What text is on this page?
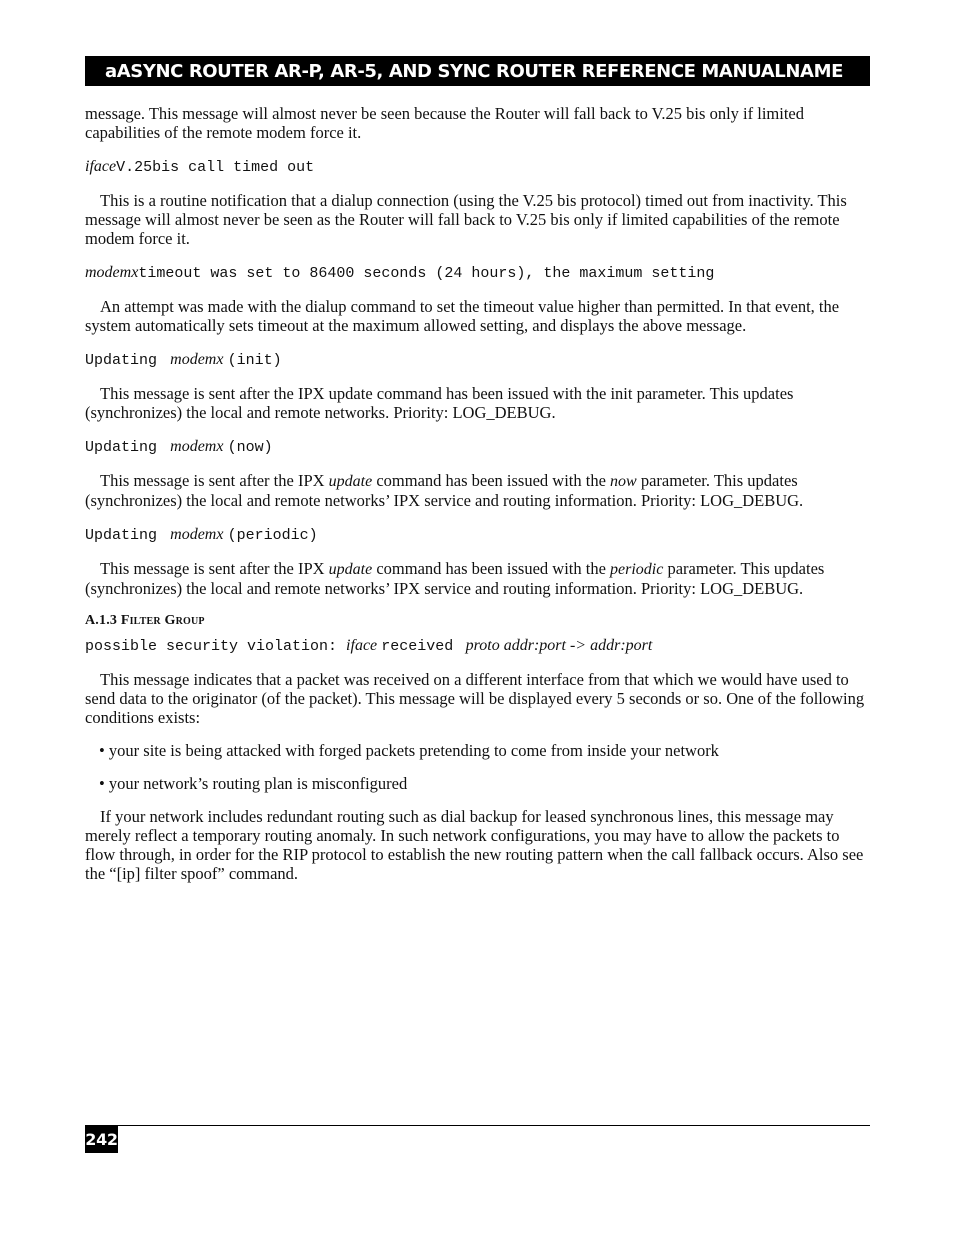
aASYNC ROUTER AR-P, AR-5, AND SYNC ROUTER REFERENCE MANUALNAME

message. This message will almost never be seen because the Router will fall back to V.25 bis only if limited capabilities of the remote modem force it.

ifaceV.25bis call timed out

This is a routine notification that a dialup connection (using the V.25 bis protocol) timed out from inactivity. This message will almost never be seen as the Router will fall back to V.25 bis only if limited capabilities of the remote modem force it.

modemxtimeout was set to 86400 seconds (24 hours), the maximum setting

An attempt was made with the dialup command to set the timeout value higher than permitted. In that event, the system automatically sets timeout at the maximum allowed setting, and displays the above message.

Updating  modemx (init)

This message is sent after the IPX update command has been issued with the init parameter. This updates (synchronizes) the local and remote networks. Priority: LOG_DEBUG.

Updating  modemx (now)

This message is sent after the IPX update command has been issued with the now parameter. This updates (synchronizes) the local and remote networks’ IPX service and routing information. Priority: LOG_DEBUG.

Updating  modemx (periodic)

This message is sent after the IPX update command has been issued with the periodic parameter. This updates (synchronizes) the local and remote networks’ IPX service and routing information. Priority: LOG_DEBUG.

A.1.3 Filter Group

possible security violation: iface received proto addr:port -> addr:port

This message indicates that a packet was received on a different interface from that which we would have used to send data to the originator (of the packet). This message will be displayed every 5 seconds or so. One of the following conditions exists:

• your site is being attacked with forged packets pretending to come from inside your network

• your network’s routing plan is misconfigured

If your network includes redundant routing such as dial backup for leased synchronous lines, this message may merely reflect a temporary routing anomaly. In such network configurations, you may have to allow the packets to flow through, in order for the RIP protocol to establish the new routing pattern when the call fallback occurs. Also see the “[ip] filter spoof” command.

242
